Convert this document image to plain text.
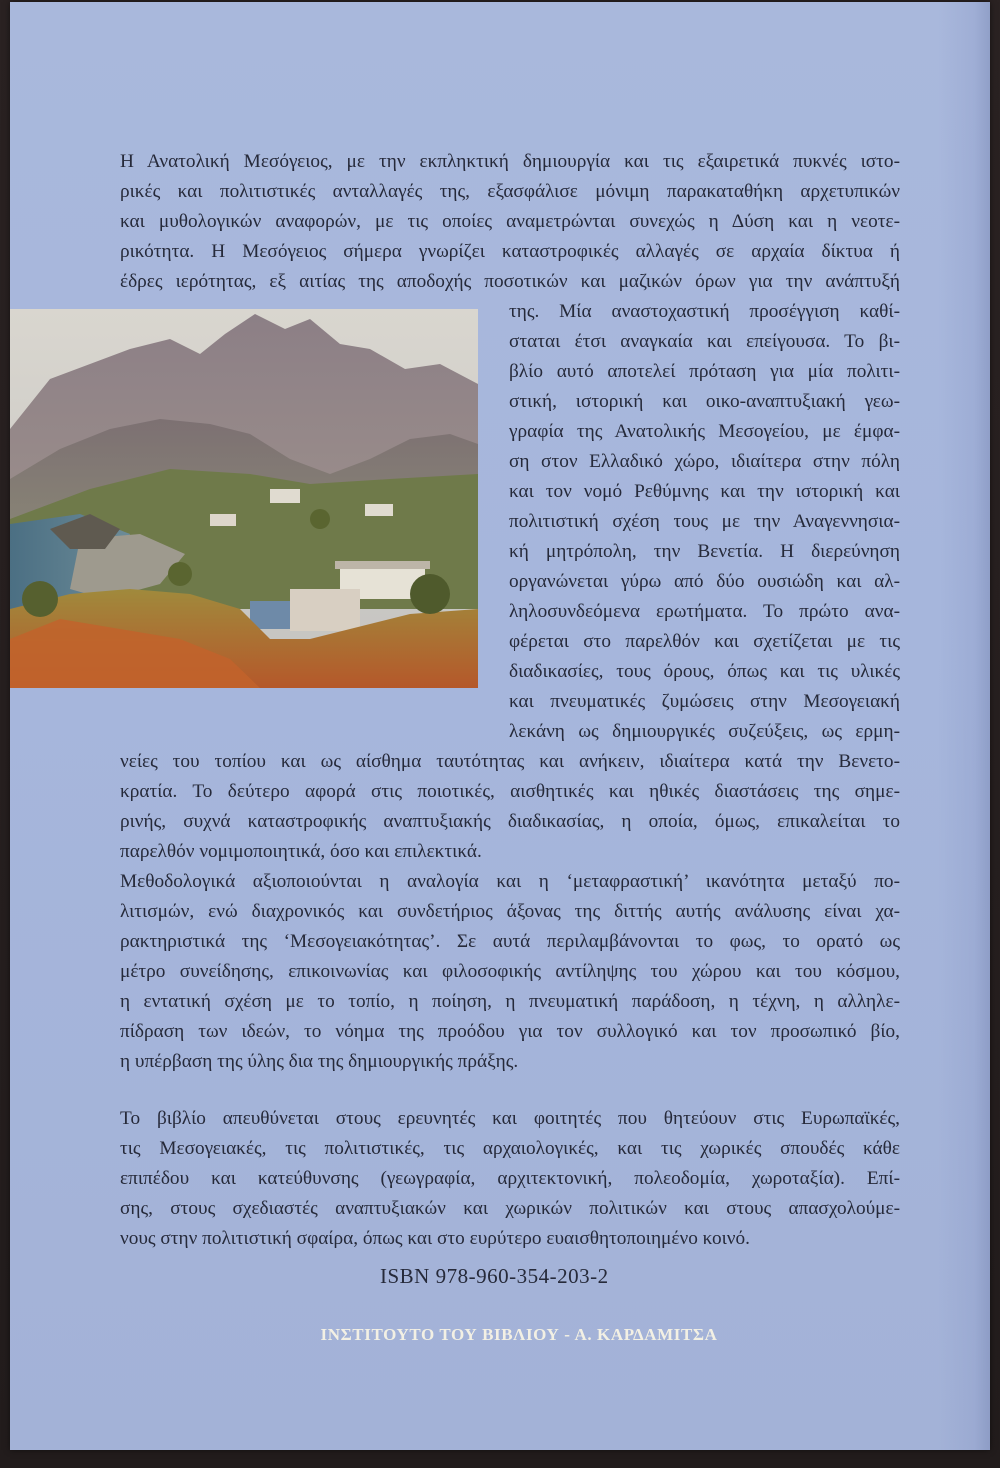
Η Ανατολική Μεσόγειος, με την εκπληκτική δημιουργία και τις εξαιρετικά πυκνές ιστο-
ρικές και πολιτιστικές ανταλλαγές της, εξασφάλισε μόνιμη παρακαταθήκη αρχετυπικών
και μυθολογικών αναφορών, με τις οποίες αναμετρώνται συνεχώς η Δύση και η νεοτε-
ρικότητα. Η Μεσόγειος σήμερα γνωρίζει καταστροφικές αλλαγές σε αρχαία δίκτυα ή
έδρες ιερότητας, εξ αιτίας της αποδοχής ποσοτικών και μαζικών όρων για την ανάπτυξή
της. Μία αναστοχαστική προσέγγιση καθί-
σταται έτσι αναγκαία και επείγουσα. Το βι-
βλίο αυτό αποτελεί πρόταση για μία πολιτι-
στική, ιστορική και οικο-αναπτυξιακή γεω-
γραφία της Ανατολικής Μεσογείου, με έμφα-
ση στον Ελλαδικό χώρο, ιδιαίτερα στην πόλη
και τον νομό Ρεθύμνης και την ιστορική και
πολιτιστική σχέση τους με την Αναγεννησια-
κή μητρόπολη, την Βενετία. Η διερεύνηση
οργανώνεται γύρω από δύο ουσιώδη και αλ-
ληλοσυνδεόμενα ερωτήματα. Το πρώτο ανα-
φέρεται στο παρελθόν και σχετίζεται με τις
διαδικασίες, τους όρους, όπως και τις υλικές
και πνευματικές ζυμώσεις στην Μεσογειακή
λεκάνη ως δημιουργικές συζεύξεις, ως ερμη-
νείες του τοπίου και ως αίσθημα ταυτότητας και ανήκειν, ιδιαίτερα κατά την Βενετο-
κρατία. Το δεύτερο αφορά στις ποιοτικές, αισθητικές και ηθικές διαστάσεις της σημε-
ρινής, συχνά καταστροφικής αναπτυξιακής διαδικασίας, η οποία, όμως, επικαλείται το
παρελθόν νομιμοποιητικά, όσο και επιλεκτικά.
Μεθοδολογικά αξιοποιούνται η αναλογία και η ‘μεταφραστική’ ικανότητα μεταξύ πο-
λιτισμών, ενώ διαχρονικός και συνδετήριος άξονας της διττής αυτής ανάλυσης είναι χα-
ρακτηριστικά της ‘Μεσογειακότητας’. Σε αυτά περιλαμβάνονται το φως, το ορατό ως
μέτρο συνείδησης, επικοινωνίας και φιλοσοφικής αντίληψης του χώρου και του κόσμου,
η εντατική σχέση με το τοπίο, η ποίηση, η πνευματική παράδοση, η τέχνη, η αλληλε-
πίδραση των ιδεών, το νόημα της προόδου για τον συλλογικό και τον προσωπικό βίο,
η υπέρβαση της ύλης δια της δημιουργικής πράξης.
Το βιβλίο απευθύνεται στους ερευνητές και φοιτητές που θητεύουν στις Ευρωπαϊκές,
τις Μεσογειακές, τις πολιτιστικές, τις αρχαιολογικές, και τις χωρικές σπουδές κάθε
επιπέδου και κατεύθυνσης (γεωγραφία, αρχιτεκτονική, πολεοδομία, χωροταξία). Επί-
σης, στους σχεδιαστές αναπτυξιακών και χωρικών πολιτικών και στους απασχολούμε-
νους στην πολιτιστική σφαίρα, όπως και στο ευρύτερο ευαισθητοποιημένο κοινό.
ISBN 978-960-354-203-2
ΙΝΣΤΙΤΟΥΤΟ ΤΟΥ ΒΙΒΛΙΟΥ - Α. ΚΑΡΔΑΜΙΤΣΑ
